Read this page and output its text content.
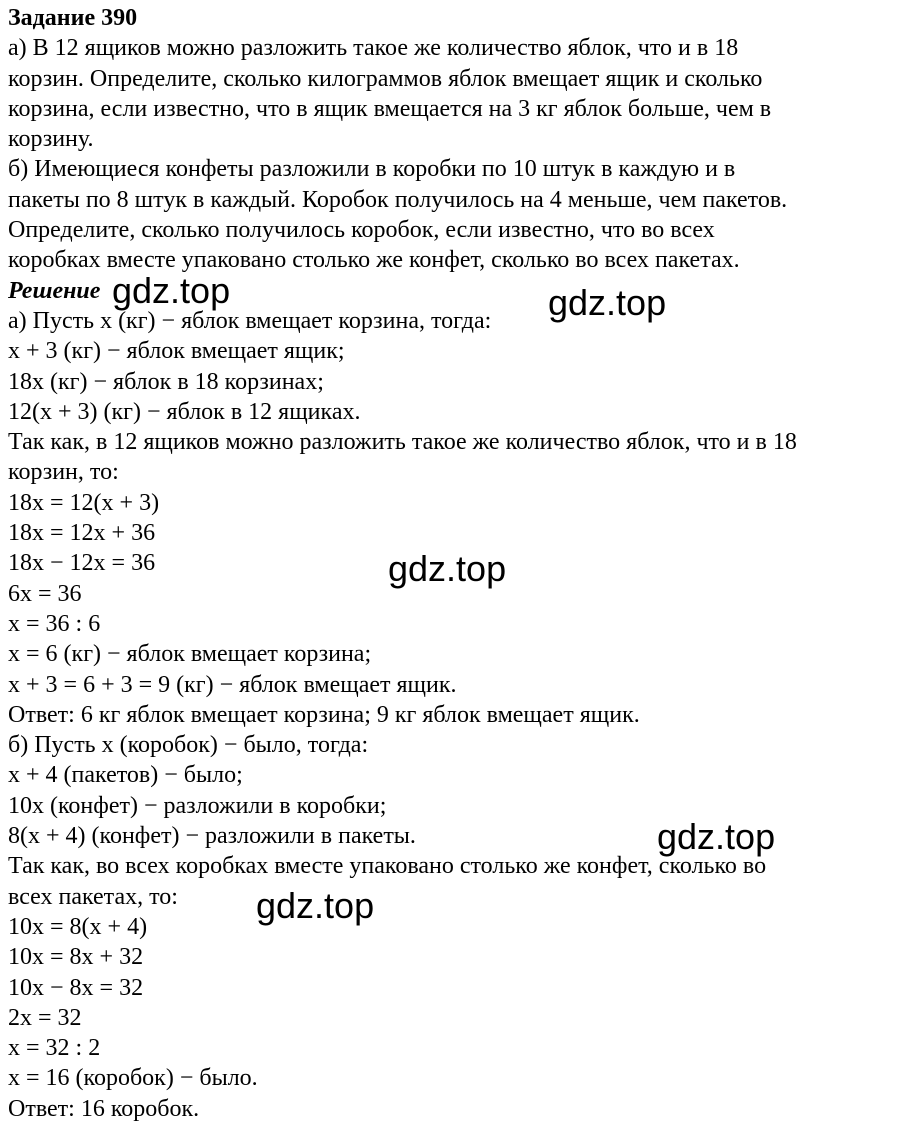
Задание 390
а) В 12 ящиков можно разложить такое же количество яблок, что и в 18
корзин. Определите, сколько килограммов яблок вмещает ящик и сколько
корзина, если известно, что в ящик вмещается на 3 кг яблок больше, чем в
корзину.
б) Имеющиеся конфеты разложили в коробки по 10 штук в каждую и в
пакеты по 8 штук в каждый. Коробок получилось на 4 меньше, чем пакетов.
Определите, сколько получилось коробок, если известно, что во всех
коробках вместе упаковано столько же конфет, сколько во всех пакетах.
Решение
а) Пусть х (кг) − яблок вмещает корзина, тогда:
х + 3 (кг) − яблок вмещает ящик;
18х (кг) − яблок в 18 корзинах;
12(х + 3) (кг) − яблок в 12 ящиках.
Так как, в 12 ящиков можно разложить такое же количество яблок, что и в 18
корзин, то:
18х = 12(х + 3)
18х = 12х + 36
18х − 12х = 36
6х = 36
х = 36 : 6
х = 6 (кг) − яблок вмещает корзина;
х + 3 = 6 + 3 = 9 (кг) − яблок вмещает ящик.
Ответ: 6 кг яблок вмещает корзина; 9 кг яблок вмещает ящик.
б) Пусть х (коробок) − было, тогда:
х + 4 (пакетов) − было;
10х (конфет) − разложили в коробки;
8(х + 4) (конфет) − разложили в пакеты.
Так как, во всех коробках вместе упаковано столько же конфет, сколько во
всех пакетах, то:
10х = 8(х + 4)
10х = 8х + 32
10х − 8х = 32
2х = 32
х = 32 : 2
х = 16 (коробок) − было.
Ответ: 16 коробок.
gdz.top	gdz.top
gdz.top
gdz.top
gdz.top
